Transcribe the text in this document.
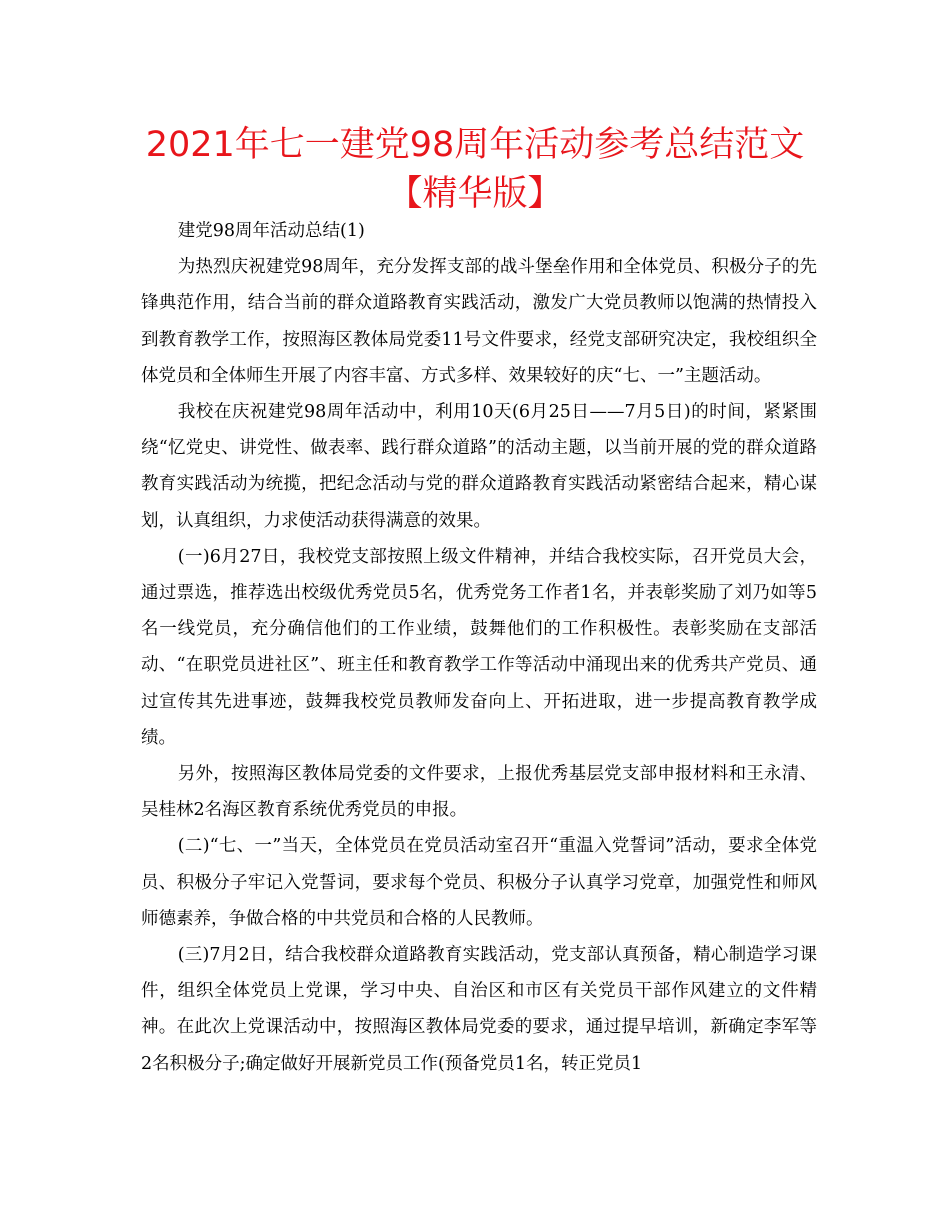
2021年七一建党98周年活动参考总结范文【精华版】

建党98周年活动总结(1)

为热烈庆祝建党98周年，充分发挥支部的战斗堡垒作用和全体党员、积极分子的先锋典范作用，结合当前的群众道路教育实践活动，激发广大党员教师以饱满的热情投入到教育教学工作，按照海区教体局党委11号文件要求，经党支部研究决定，我校组织全体党员和全体师生开展了内容丰富、方式多样、效果较好的庆“七、一”主题活动。

我校在庆祝建党98周年活动中，利用10天(6月25日——7月5日)的时间，紧紧围绕“忆党史、讲党性、做表率、践行群众道路”的活动主题，以当前开展的党的群众道路教育实践活动为统揽，把纪念活动与党的群众道路教育实践活动紧密结合起来，精心谋划，认真组织，力求使活动获得满意的效果。

(一)6月27日，我校党支部按照上级文件精神，并结合我校实际，召开党员大会，通过票选，推荐选出校级优秀党员5名，优秀党务工作者1名，并表彰奖励了刘乃如等5名一线党员，充分确信他们的工作业绩，鼓舞他们的工作积极性。表彰奖励在支部活动、“在职党员进社区”、班主任和教育教学工作等活动中涌现出来的优秀共产党员、通过宣传其先进事迹，鼓舞我校党员教师发奋向上、开拓进取，进一步提高教育教学成绩。

另外，按照海区教体局党委的文件要求，上报优秀基层党支部申报材料和王永清、吴桂林2名海区教育系统优秀党员的申报。

(二)“七、一”当天，全体党员在党员活动室召开“重温入党誓词”活动，要求全体党员、积极分子牢记入党誓词，要求每个党员、积极分子认真学习党章，加强党性和师风师德素养，争做合格的中共党员和合格的人民教师。

(三)7月2日，结合我校群众道路教育实践活动，党支部认真预备，精心制造学习课件，组织全体党员上党课，学习中央、自治区和市区有关党员干部作风建立的文件精神。在此次上党课活动中，按照海区教体局党委的要求，通过提早培训，新确定李军等2名积极分子;确定做好开展新党员工作(预备党员1名，转正党员1
